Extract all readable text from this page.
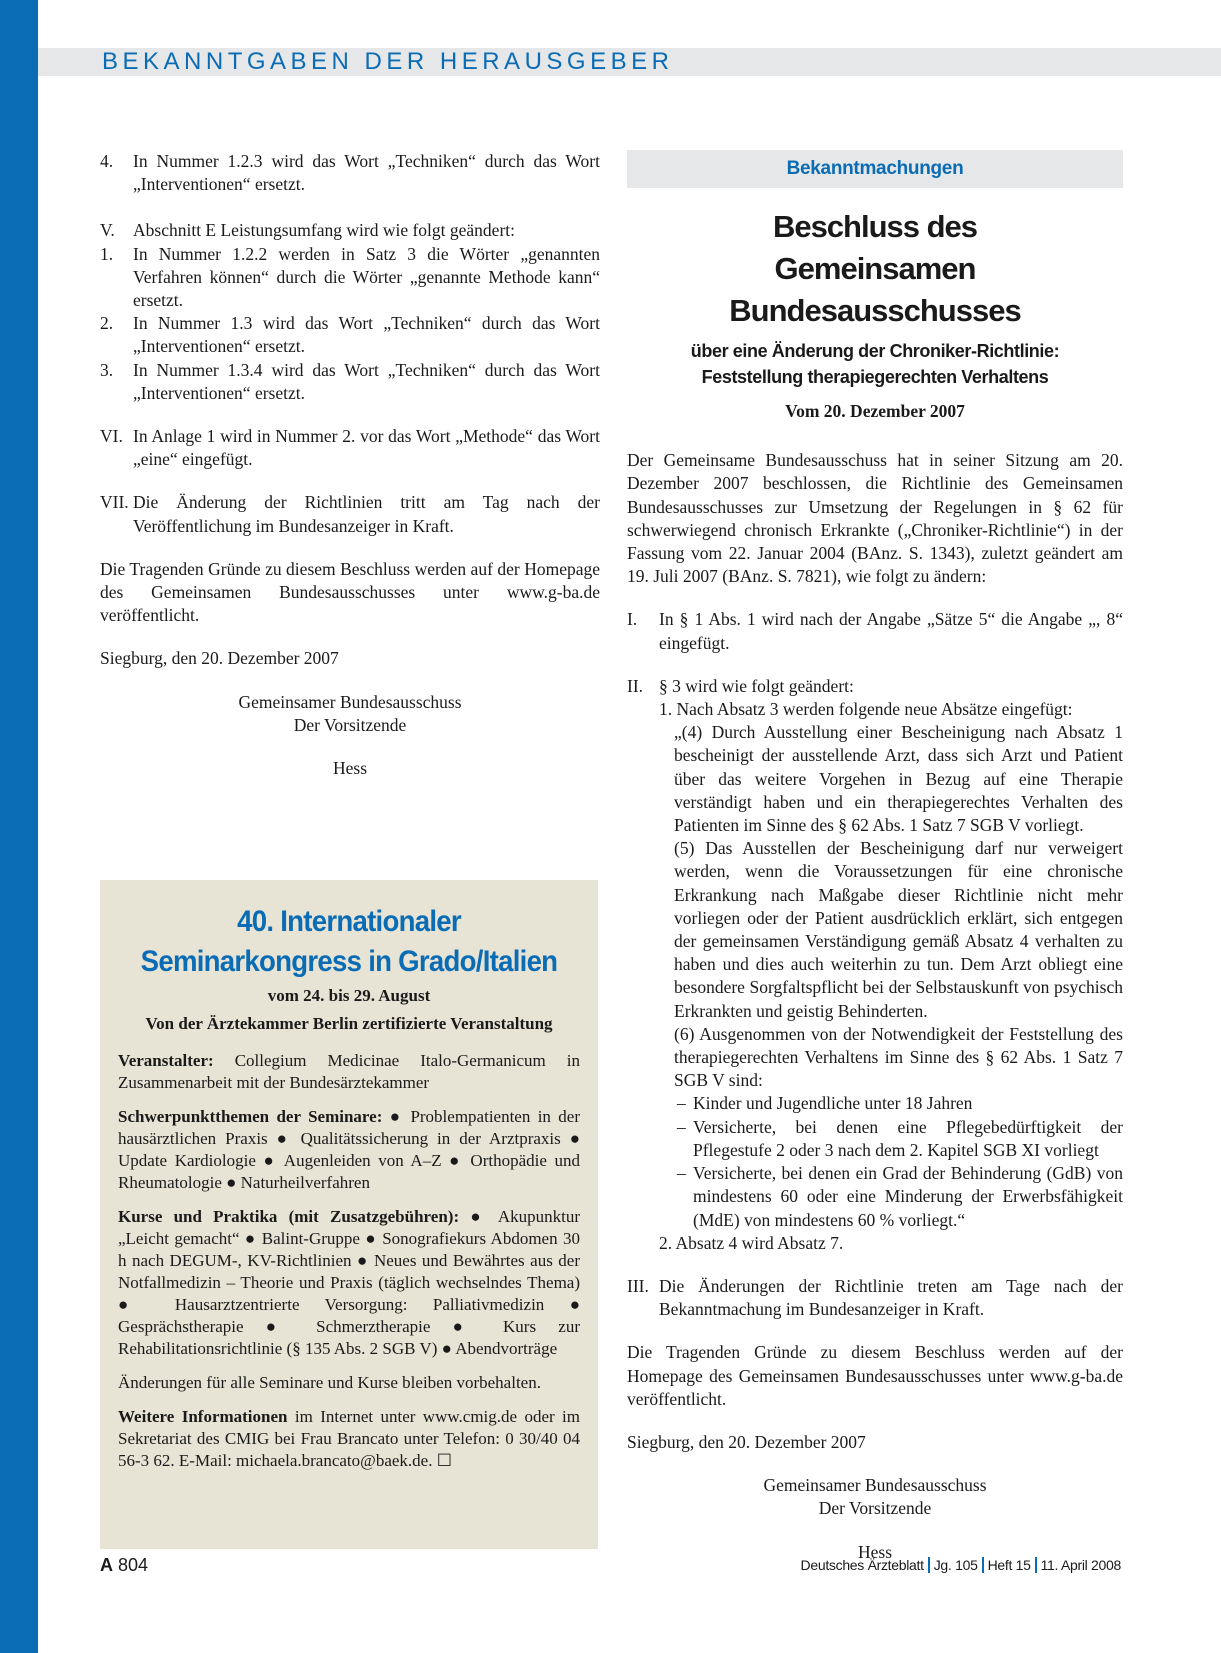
BEKANNTGABEN DER HERAUSGEBER
4.	In Nummer 1.2.3 wird das Wort „Techniken“ durch das Wort „Interventionen“ ersetzt.
V.	Abschnitt E Leistungsumfang wird wie folgt geändert:
1.	In Nummer 1.2.2 werden in Satz 3 die Wörter „genannten Verfahren können“ durch die Wörter „genannte Methode kann“ ersetzt.
2.	In Nummer 1.3 wird das Wort „Techniken“ durch das Wort „Interventionen“ ersetzt.
3.	In Nummer 1.3.4 wird das Wort „Techniken“ durch das Wort „Interventionen“ ersetzt.
VI. In Anlage 1 wird in Nummer 2. vor das Wort „Methode“ das Wort „eine“ eingefügt.
VII. Die Änderung der Richtlinien tritt am Tag nach der Veröffentlichung im Bundesanzeiger in Kraft.

Die Tragenden Gründe zu diesem Beschluss werden auf der Homepage des Gemeinsamen Bundesausschusses unter www.g-ba.de veröffentlicht.

Siegburg, den 20. Dezember 2007

Gemeinsamer Bundesausschuss

Der Vorsitzende

Hess

40. Internationaler Seminarkongress in Grado/Italien
vom 24. bis 29. August
Von der Ärztekammer Berlin zertifizierte Veranstaltung
Veranstalter: Collegium Medicinae Italo-Germanicum in Zusammenarbeit mit der Bundesärztekammer
Schwerpunktthemen der Seminare: ● Problempatienten in der hausärztlichen Praxis ● Qualitätssicherung in der Arztpraxis ● Update Kardiologie ● Augenleiden von A–Z ● Orthopädie und Rheumatologie ● Naturheilverfahren
Kurse und Praktika (mit Zusatzgebühren): ● Akupunktur „Leicht gemacht“ ● Balint-Gruppe ● Sonografiekurs Abdomen 30 h nach DEGUM-, KV-Richtlinien ● Neues und Bewährtes aus der Notfallmedizin – Theorie und Praxis (täglich wechselndes Thema) ● Hausarztzentrierte Versorgung: Palliativmedizin ● Gesprächstherapie ● Schmerztherapie ● Kurs zur Rehabilitationsrichtlinie (§ 135 Abs. 2 SGB V) ● Abendvorträge
Änderungen für alle Seminare und Kurse bleiben vorbehalten.
Weitere Informationen im Internet unter www.cmig.de oder im Sekretariat des CMIG bei Frau Brancato unter Telefon: 0 30/40 04 56-3 62. E-Mail: michaela.brancato@baek.de. ☐
Bekanntmachungen
Beschluss des
Gemeinsamen Bundesausschusses
über eine Änderung der Chroniker-Richtlinie:
Feststellung therapiegerechten Verhaltens
Vom 20. Dezember 2007

Der Gemeinsame Bundesausschuss hat in seiner Sitzung am 20. Dezember 2007 beschlossen, die Richtlinie des Gemeinsamen Bundesausschusses zur Umsetzung der Regelungen in § 62 für schwerwiegend chronisch Erkrankte („Chroniker-Richtlinie“) in der Fassung vom 22. Januar 2004 (BAnz. S. 1343), zuletzt geändert am 19. Juli 2007 (BAnz. S. 7821), wie folgt zu ändern:

I.	In § 1 Abs. 1 wird nach der Angabe „Sätze 5“ die Angabe „, 8“ eingefügt.
II. § 3 wird wie folgt geändert:

1. Nach Absatz 3 werden folgende neue Absätze eingefügt:

„(4) Durch Ausstellung einer Bescheinigung nach Absatz 1 bescheinigt der ausstellende Arzt, dass sich Arzt und Patient über das weitere Vorgehen in Bezug auf eine Therapie verständigt haben und ein therapiegerechtes Verhalten des Patienten im Sinne des § 62 Abs. 1 Satz 7 SGB V vorliegt.

(5) Das Ausstellen der Bescheinigung darf nur verweigert werden, wenn die Voraussetzungen für eine chronische Erkrankung nach Maßgabe dieser Richtlinie nicht mehr vorliegen oder der Patient ausdrücklich erklärt, sich entgegen der gemeinsamen Verständigung gemäß Absatz 4 verhalten zu haben und dies auch weiterhin zu tun. Dem Arzt obliegt eine besondere Sorgfaltspflicht bei der Selbstauskunft von psychisch Erkrankten und geistig Behinderten.

(6) Ausgenommen von der Notwendigkeit der Feststellung des therapiegerechten Verhaltens im Sinne des § 62 Abs. 1 Satz 7 SGB V sind:

– Kinder und Jugendliche unter 18 Jahren
– Versicherte, bei denen eine Pflegebedürftigkeit der Pflegestufe 2 oder 3 nach dem 2. Kapitel SGB XI vorliegt
– Versicherte, bei denen ein Grad der Behinderung (GdB) von mindestens 60 oder eine Minderung der Erwerbsfähigkeit (MdE) von mindestens 60 % vorliegt.“

2. Absatz 4 wird Absatz 7.

III. Die Änderungen der Richtlinie treten am Tage nach der Bekanntmachung im Bundesanzeiger in Kraft.

Die Tragenden Gründe zu diesem Beschluss werden auf der Homepage des Gemeinsamen Bundesausschusses unter www.g-ba.de veröffentlicht.

Siegburg, den 20. Dezember 2007

Gemeinsamer Bundesausschuss

Der Vorsitzende

Hess

A 804	Deutsches Ärzteblatt Jg. 105 Heft 15 11. April 2008
